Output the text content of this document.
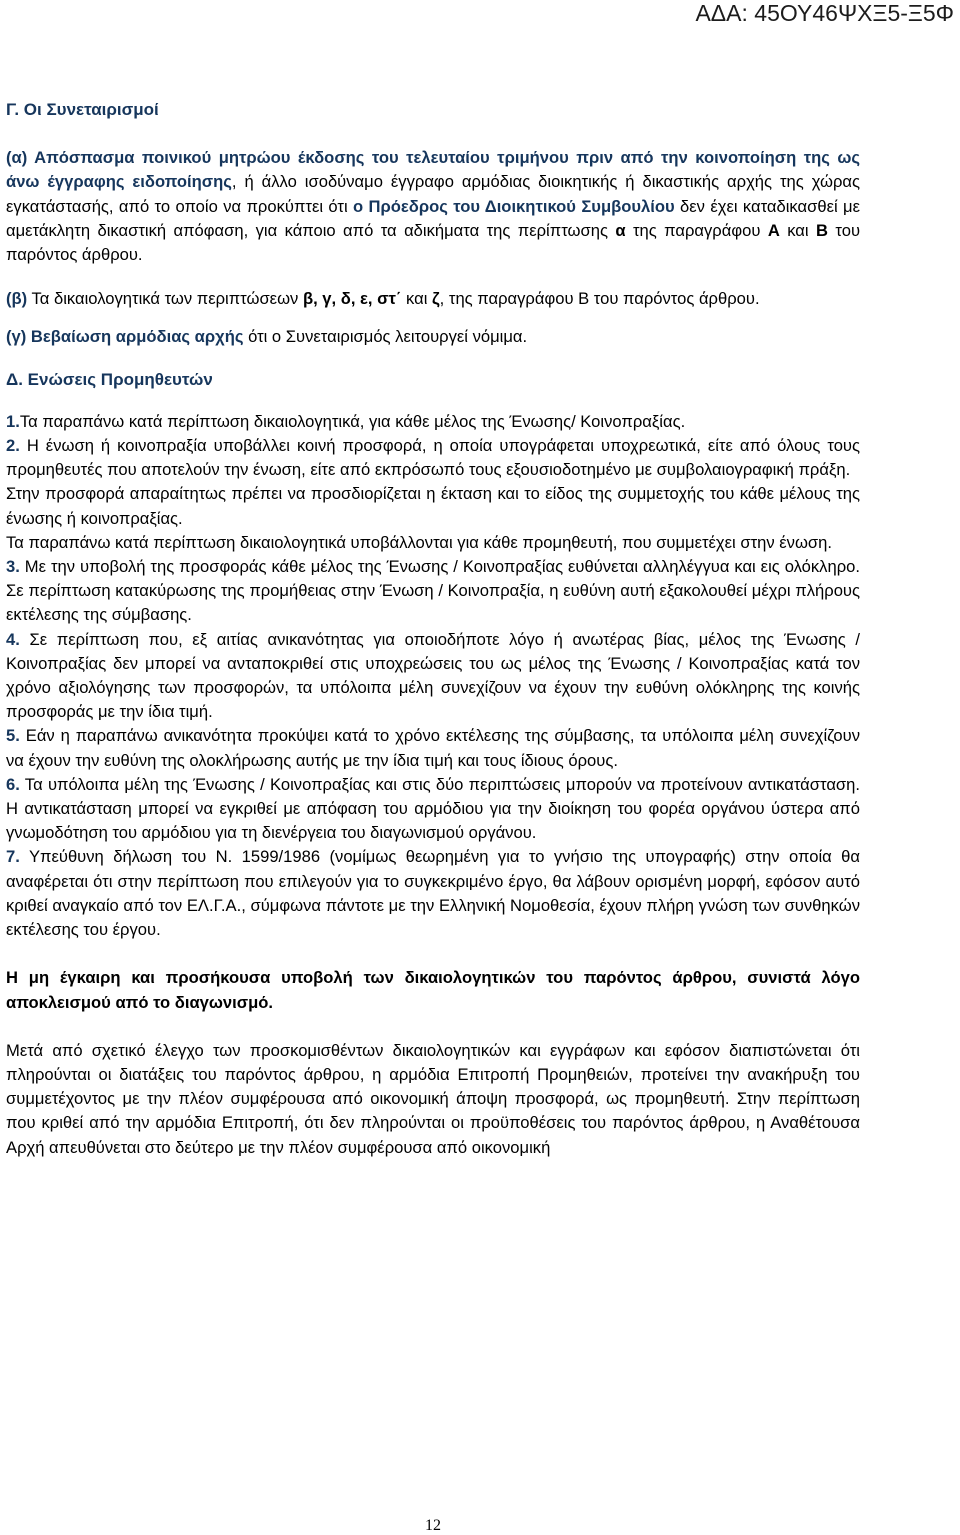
ΑΔΑ: 45ΟΥ46ΨΧΞ5-Ξ5Φ

Γ. Οι Συνεταιρισμοί

(α) Απόσπασμα ποινικού μητρώου έκδοσης του τελευταίου τριμήνου πριν από την κοινοποίηση της ως άνω έγγραφης ειδοποίησης, ή άλλο ισοδύναμο έγγραφο αρμόδιας διοικητικής ή δικαστικής αρχής της χώρας εγκατάστασής, από το οποίο να προκύπτει ότι ο Πρόεδρος του Διοικητικού Συμβουλίου δεν έχει καταδικασθεί με αμετάκλητη δικαστική απόφαση, για κάποιο από τα αδικήματα της περίπτωσης α της παραγράφου Α και Β του παρόντος άρθρου.

(β) Τα δικαιολογητικά των περιπτώσεων β, γ, δ, ε, στ΄ και ζ, της παραγράφου Β του παρόντος άρθρου.

(γ) Βεβαίωση αρμόδιας αρχής ότι ο Συνεταιρισμός λειτουργεί νόμιμα.

Δ. Ενώσεις Προμηθευτών

1.Τα παραπάνω κατά περίπτωση δικαιολογητικά, για κάθε μέλος της Ένωσης/ Κοινοπραξίας.

2. Η ένωση ή κοινοπραξία υποβάλλει κοινή προσφορά, η οποία υπογράφεται υποχρεωτικά, είτε από όλους τους προμηθευτές που αποτελούν την ένωση, είτε από εκπρόσωπό τους εξουσιοδοτημένο με συμβολαιογραφική πράξη.

Στην προσφορά απαραίτητως πρέπει να προσδιορίζεται η έκταση και το είδος της συμμετοχής του κάθε μέλους της ένωσης ή κοινοπραξίας.

Τα παραπάνω κατά περίπτωση δικαιολογητικά υποβάλλονται για κάθε προμηθευτή, που συμμετέχει στην ένωση.

3. Με την υποβολή της προσφοράς κάθε μέλος της Ένωσης / Κοινοπραξίας ευθύνεται αλληλέγγυα και εις ολόκληρο. Σε περίπτωση κατακύρωσης της προμήθειας στην Ένωση / Κοινοπραξία, η ευθύνη αυτή εξακολουθεί μέχρι πλήρους εκτέλεσης της σύμβασης.

4. Σε περίπτωση που, εξ αιτίας ανικανότητας για οποιοδήποτε λόγο ή ανωτέρας βίας, μέλος της Ένωσης / Κοινοπραξίας δεν μπορεί να ανταποκριθεί στις υποχρεώσεις του ως μέλος της Ένωσης / Κοινοπραξίας κατά τον χρόνο αξιολόγησης των προσφορών, τα υπόλοιπα μέλη συνεχίζουν να έχουν την ευθύνη ολόκληρης της κοινής προσφοράς με την ίδια τιμή.

5. Εάν η παραπάνω ανικανότητα προκύψει κατά το χρόνο εκτέλεσης της σύμβασης, τα υπόλοιπα μέλη συνεχίζουν να έχουν την ευθύνη της ολοκλήρωσης αυτής με την ίδια τιμή και τους ίδιους όρους.

6. Τα υπόλοιπα μέλη της Ένωσης / Κοινοπραξίας και στις δύο περιπτώσεις μπορούν να προτείνουν αντικατάσταση. Η αντικατάσταση μπορεί να εγκριθεί με απόφαση του αρμόδιου για την διοίκηση του φορέα οργάνου ύστερα από γνωμοδότηση του αρμόδιου για τη διενέργεια του διαγωνισμού οργάνου.

7. Υπεύθυνη δήλωση του Ν. 1599/1986 (νομίμως θεωρημένη για το γνήσιο της υπογραφής) στην οποία θα αναφέρεται ότι στην περίπτωση που επιλεγούν για το συγκεκριμένο έργο, θα λάβουν ορισμένη μορφή, εφόσον αυτό κριθεί αναγκαίο από τον ΕΛ.Γ.Α., σύμφωνα πάντοτε με την Ελληνική Νομοθεσία, έχουν πλήρη γνώση των συνθηκών εκτέλεσης του έργου.

Η μη έγκαιρη και προσήκουσα υποβολή των δικαιολογητικών του παρόντος άρθρου, συνιστά λόγο αποκλεισμού από το διαγωνισμό.

Μετά από σχετικό έλεγχο των προσκομισθέντων δικαιολογητικών και εγγράφων και εφόσον διαπιστώνεται ότι πληρούνται οι διατάξεις του παρόντος άρθρου, η αρμόδια Επιτροπή Προμηθειών, προτείνει την ανακήρυξη του συμμετέχοντος με την πλέον συμφέρουσα από οικονομική άποψη προσφορά, ως προμηθευτή. Στην περίπτωση που κριθεί από την αρμόδια Επιτροπή, ότι δεν πληρούνται οι προϋποθέσεις του παρόντος άρθρου, η Αναθέτουσα Αρχή απευθύνεται στο δεύτερο με την πλέον συμφέρουσα από οικονομική

12
